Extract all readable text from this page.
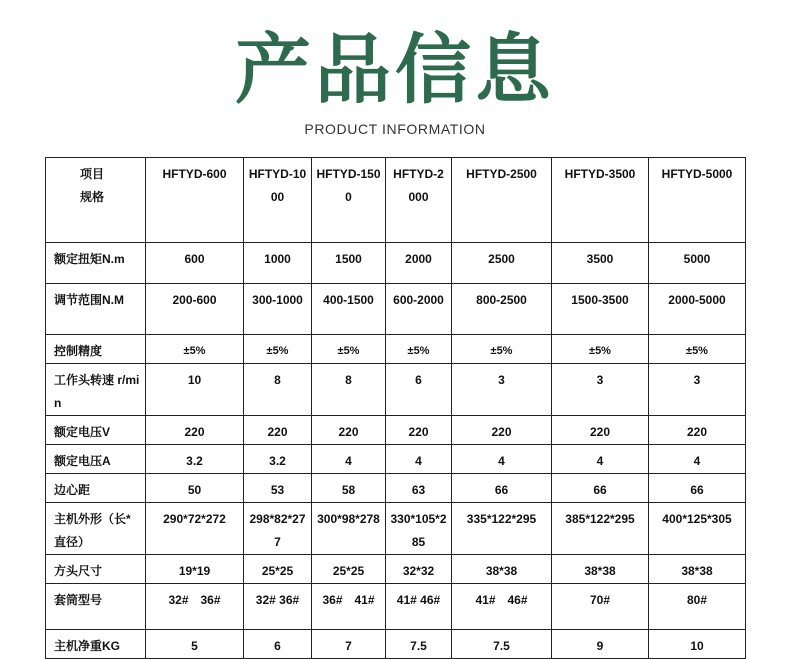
产品信息
PRODUCT INFORMATION
项目
规格	HFTYD-600	HFTYD-1000	HFTYD-1500	HFTYD-2000	HFTYD-2500	HFTYD-3500	HFTYD-5000
额定扭矩N.m	600	1000	1500	2000	2500	3500	5000
调节范围N.M	200-600	300-1000	400-1500	600-2000	800-2500	1500-3500	2000-5000
控制精度	±5%	±5%	±5%	±5%	±5%	±5%	±5%
工作头转速 r/min	10	8	8	6	3	3	3
额定电压V	220	220	220	220	220	220	220
额定电压A	3.2	3.2	4	4	4	4	4
边心距	50	53	58	63	66	66	66
主机外形（长*直径）	290*72*272	298*82*277	300*98*278	330*105*285	335*122*295	385*122*295	400*125*305
方头尺寸	19*19	25*25	25*25	32*32	38*38	38*38	38*38
套筒型号	32#　36#	32# 36#	36#　41#	41# 46#	41#　46#	70#	80#
主机净重KG	5	6	7	7.5	7.5	9	10
